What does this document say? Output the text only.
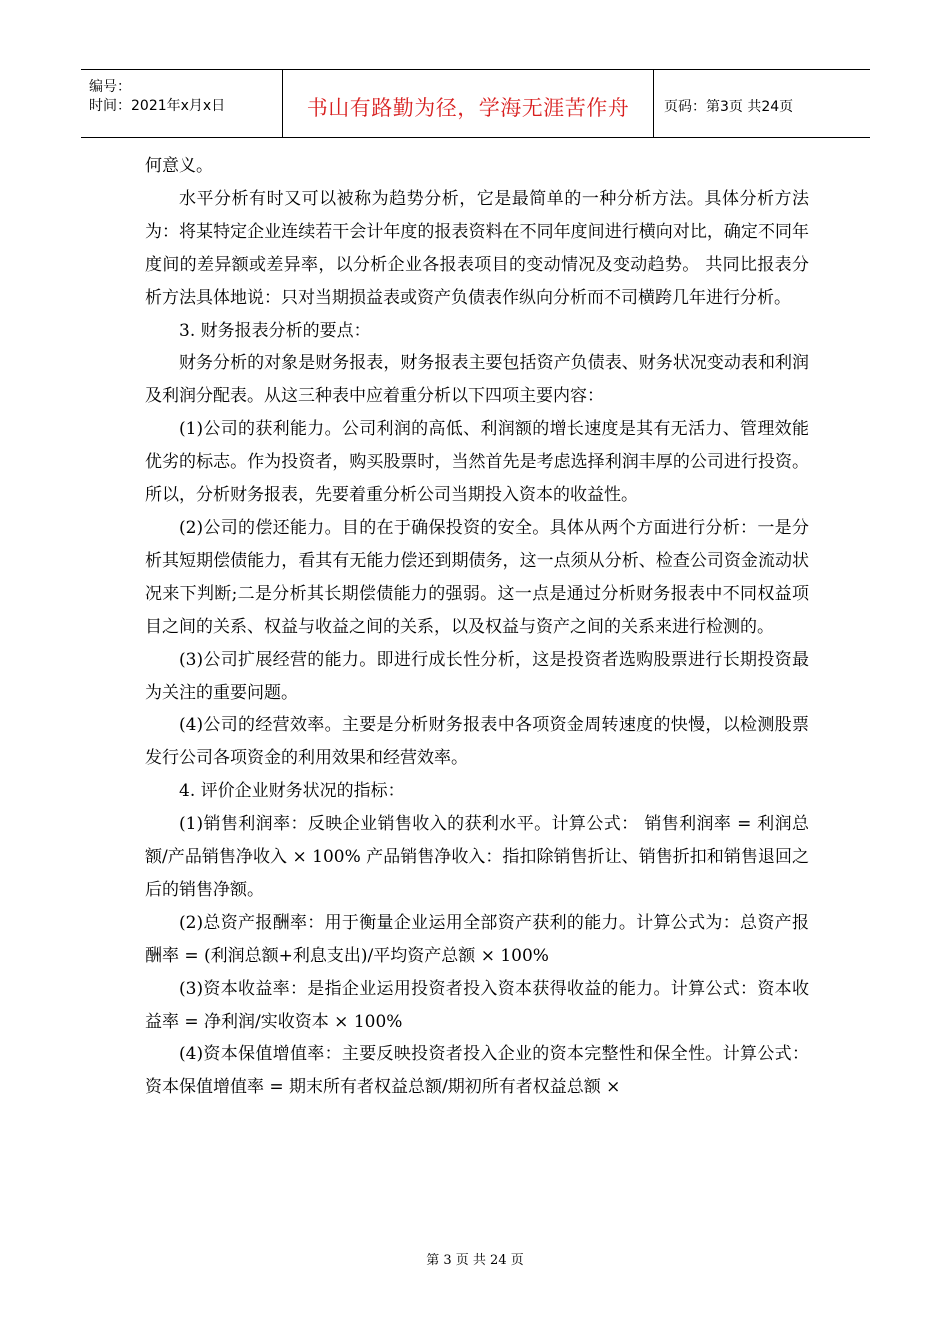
编号：
时间：2021年x月x日	书山有路勤为径，学海无涯苦作舟	页码：第3页 共24页

何意义。

水平分析有时又可以被称为趋势分析，它是最简单的一种分析方法。具体分析方法为：将某特定企业连续若干会计年度的报表资料在不同年度间进行横向对比，确定不同年度间的差异额或差异率，以分析企业各报表项目的变动情况及变动趋势。 共同比报表分析方法具体地说：只对当期损益表或资产负债表作纵向分析而不司横跨几年进行分析。

3. 财务报表分析的要点：

财务分析的对象是财务报表，财务报表主要包括资产负债表、财务状况变动表和利润及利润分配表。从这三种表中应着重分析以下四项主要内容：

(1)公司的获利能力。公司利润的高低、利润额的增长速度是其有无活力、管理效能优劣的标志。作为投资者，购买股票时，当然首先是考虑选择利润丰厚的公司进行投资。所以，分析财务报表，先要着重分析公司当期投入资本的收益性。

(2)公司的偿还能力。目的在于确保投资的安全。具体从两个方面进行分析：一是分析其短期偿债能力，看其有无能力偿还到期债务，这一点须从分析、检查公司资金流动状况来下判断;二是分析其长期偿债能力的强弱。这一点是通过分析财务报表中不同权益项目之间的关系、权益与收益之间的关系，以及权益与资产之间的关系来进行检测的。

(3)公司扩展经营的能力。即进行成长性分析，这是投资者选购股票进行长期投资最为关注的重要问题。

(4)公司的经营效率。主要是分析财务报表中各项资金周转速度的快慢，以检测股票发行公司各项资金的利用效果和经营效率。

4. 评价企业财务状况的指标：

(1)销售利润率：反映企业销售收入的获利水平。计算公式： 销售利润率 = 利润总额/产品销售净收入 × 100% 产品销售净收入：指扣除销售折让、销售折扣和销售退回之后的销售净额。

(2)总资产报酬率：用于衡量企业运用全部资产获利的能力。计算公式为：总资产报酬率 = (利润总额+利息支出)/平均资产总额 × 100%

(3)资本收益率：是指企业运用投资者投入资本获得收益的能力。计算公式：资本收益率 = 净利润/实收资本 × 100%

(4)资本保值增值率：主要反映投资者投入企业的资本完整性和保全性。计算公式： 资本保值增值率 = 期末所有者权益总额/期初所有者权益总额 ×

第 3 页 共 24 页
